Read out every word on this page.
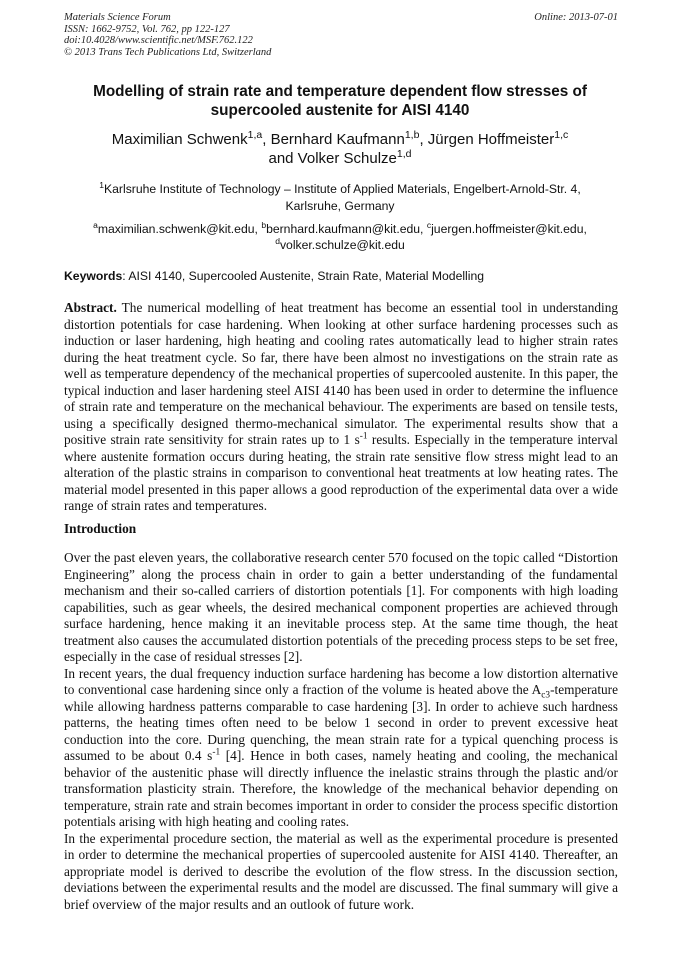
Materials Science Forum
ISSN: 1662-9752, Vol. 762, pp 122-127
doi:10.4028/www.scientific.net/MSF.762.122
© 2013 Trans Tech Publications Ltd, Switzerland
Online: 2013-07-01
Modelling of strain rate and temperature dependent flow stresses of supercooled austenite for AISI 4140
Maximilian Schwenk$^{1,a}$, Bernhard Kaufmann$^{1,b}$, Jürgen Hoffmeister$^{1,c}$
and Volker Schulze$^{1,d}$
$^1$Karlsruhe Institute of Technology – Institute of Applied Materials, Engelbert-Arnold-Str. 4, Karlsruhe, Germany
$^a$maximilian.schwenk@kit.edu, $^b$bernhard.kaufmann@kit.edu, $^c$juergen.hoffmeister@kit.edu,
$^d$volker.schulze@kit.edu
Keywords: AISI 4140, Supercooled Austenite, Strain Rate, Material Modelling
Abstract. The numerical modelling of heat treatment has become an essential tool in understanding distortion potentials for case hardening. When looking at other surface hardening processes such as induction or laser hardening, high heating and cooling rates automatically lead to higher strain rates during the heat treatment cycle. So far, there have been almost no investigations on the strain rate as well as temperature dependency of the mechanical properties of supercooled austenite. In this paper, the typical induction and laser hardening steel AISI 4140 has been used in order to determine the influence of strain rate and temperature on the mechanical behaviour. The experiments are based on tensile tests, using a specifically designed thermo-mechanical simulator. The experimental results show that a positive strain rate sensitivity for strain rates up to 1 $s^{-1}$ results. Especially in the temperature interval where austenite formation occurs during heating, the strain rate sensitive flow stress might lead to an alteration of the plastic strains in comparison to conventional heat treatments at low heating rates. The material model presented in this paper allows a good reproduction of the experimental data over a wide range of strain rates and temperatures.
Introduction

Over the past eleven years, the collaborative research center 570 focused on the topic called “Distortion Engineering” along the process chain in order to gain a better understanding of the fundamental mechanism and their so-called carriers of distortion potentials [1]. For components with high loading capabilities, such as gear wheels, the desired mechanical component properties are achieved through surface hardening, hence making it an inevitable process step. At the same time though, the heat treatment also causes the accumulated distortion potentials of the preceding process steps to be set free, especially in the case of residual stresses [2].

In recent years, the dual frequency induction surface hardening has become a low distortion alternative to conventional case hardening since only a fraction of the volume is heated above the $A_{c3}$-temperature while allowing hardness patterns comparable to case hardening [3]. In order to achieve such hardness patterns, the heating times often need to be below 1 second in order to prevent excessive heat conduction into the core. During quenching, the mean strain rate for a typical quenching process is assumed to be about 0.4 $s^{-1}$ [4]. Hence in both cases, namely heating and cooling, the mechanical behavior of the austenitic phase will directly influence the inelastic strains through the plastic and/or transformation plasticity strain. Therefore, the knowledge of the mechanical behavior depending on temperature, strain rate and strain becomes important in order to consider the process specific distortion potentials arising with high heating and cooling rates.

In the experimental procedure section, the material as well as the experimental procedure is presented in order to determine the mechanical properties of supercooled austenite for AISI 4140. Thereafter, an appropriate model is derived to describe the evolution of the flow stress. In the discussion section, deviations between the experimental results and the model are discussed. The final summary will give a brief overview of the major results and an outlook of future work.
